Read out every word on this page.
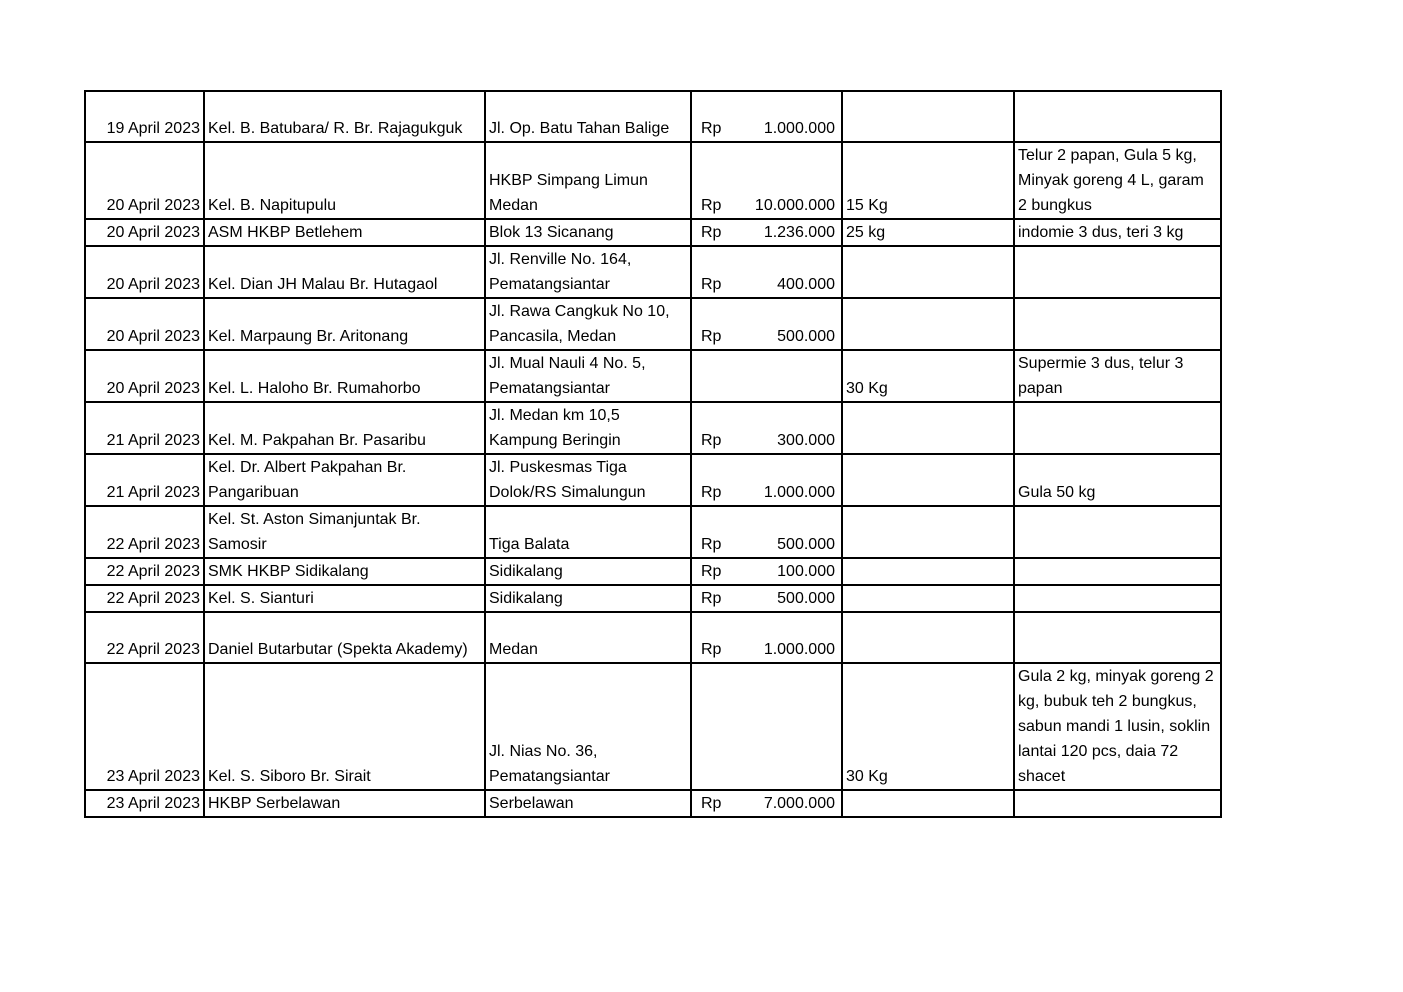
19 April 2023	Kel. B. Batubara/ R. Br. Rajagukguk	Jl. Op. Batu Tahan Balige	Rp 1.000.000		

20 April 2023	Kel. B. Napitupulu	HKBP Simpang Limun Medan	Rp 10.000.000	15 Kg	Telur 2 papan, Gula 5 kg, Minyak goreng 4 L, garam 2 bungkus
20 April 2023	ASM HKBP Betlehem	Blok 13 Sicanang	Rp 1.236.000	25 kg	indomie 3 dus, teri 3 kg
20 April 2023	Kel. Dian JH Malau Br. Hutagaol	Jl. Renville No. 164, Pematangsiantar	Rp 400.000		

20 April 2023	Kel. Marpaung Br. Aritonang	Jl. Rawa Cangkuk No 10, Pancasila, Medan	Rp 500.000		

20 April 2023	Kel. L. Haloho Br. Rumahorbo	Jl. Mual Nauli 4 No. 5, Pematangsiantar		30 Kg	Supermie 3 dus, telur 3 papan
21 April 2023	Kel. M. Pakpahan Br. Pasaribu	Jl. Medan km 10,5 Kampung Beringin	Rp 300.000		

21 April 2023	Kel. Dr. Albert Pakpahan Br. Pangaribuan	Jl. Puskesmas Tiga Dolok/RS Simalungun	Rp 1.000.000		Gula 50 kg
22 April 2023	Kel. St. Aston Simanjuntak Br. Samosir	Tiga Balata	Rp 500.000		

22 April 2023	SMK HKBP Sidikalang	Sidikalang	Rp 100.000		

22 April 2023	Kel. S. Sianturi	Sidikalang	Rp 500.000		

22 April 2023	Daniel Butarbutar (Spekta Akademy)	Medan	Rp 1.000.000		

23 April 2023	Kel. S. Siboro Br. Sirait	Jl. Nias No. 36, Pematangsiantar		30 Kg	Gula 2 kg, minyak goreng 2 kg, bubuk teh 2 bungkus, sabun mandi 1 lusin, soklin lantai 120 pcs, daia 72 shacet
23 April 2023	HKBP Serbelawan	Serbelawan	Rp 7.000.000		
